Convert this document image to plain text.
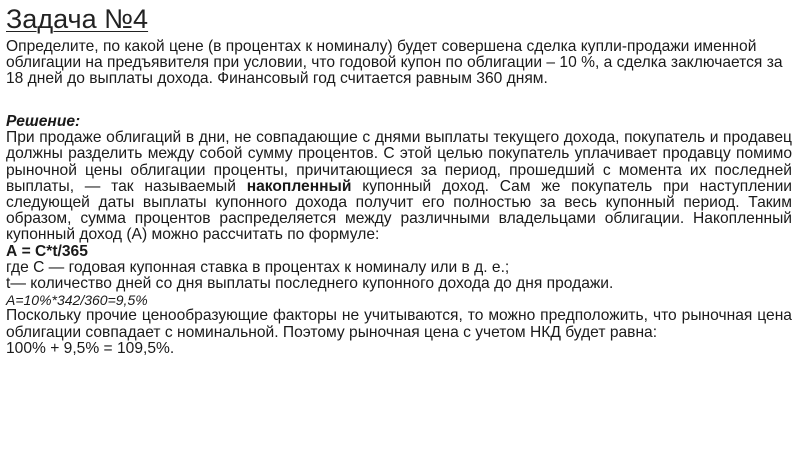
Задача №4
Определите, по какой цене (в процентах к номиналу) будет совершена сделка купли-продажи именной облигации на предъявителя при условии, что годовой купон по облигации – 10 %, а сделка заключается за 18 дней до выплаты дохода. Финансовый год считается равным 360 дням.
Решение:
При продаже облигаций в дни, не совпадающие с днями выплаты текущего дохода, покупатель и продавец должны разделить между собой сумму процентов. С этой целью покупатель уплачивает продавцу помимо рыночной цены облигации проценты, причитающиеся за период, прошедший с момента их последней выплаты, — так называемый накопленный купонный доход. Сам же покупатель при наступлении следующей даты выплаты купонного дохода получит его полностью за весь купонный период. Таким образом, сумма процентов распределяется между различными владельцами облигации. Накопленный купонный доход (А) можно рассчитать по формуле:
А = С*t/365
где С — годовая купонная ставка в процентах к номиналу или в д. е.;
t— количество дней со дня выплаты последнего купонного дохода до дня продажи.
А=10%*342/360=9,5%
Поскольку прочие ценообразующие факторы не учитываются, то можно предположить, что рыночная цена облигации совпадает с номинальной. Поэтому рыночная цена с учетом НКД будет равна:
100% + 9,5% = 109,5%.
